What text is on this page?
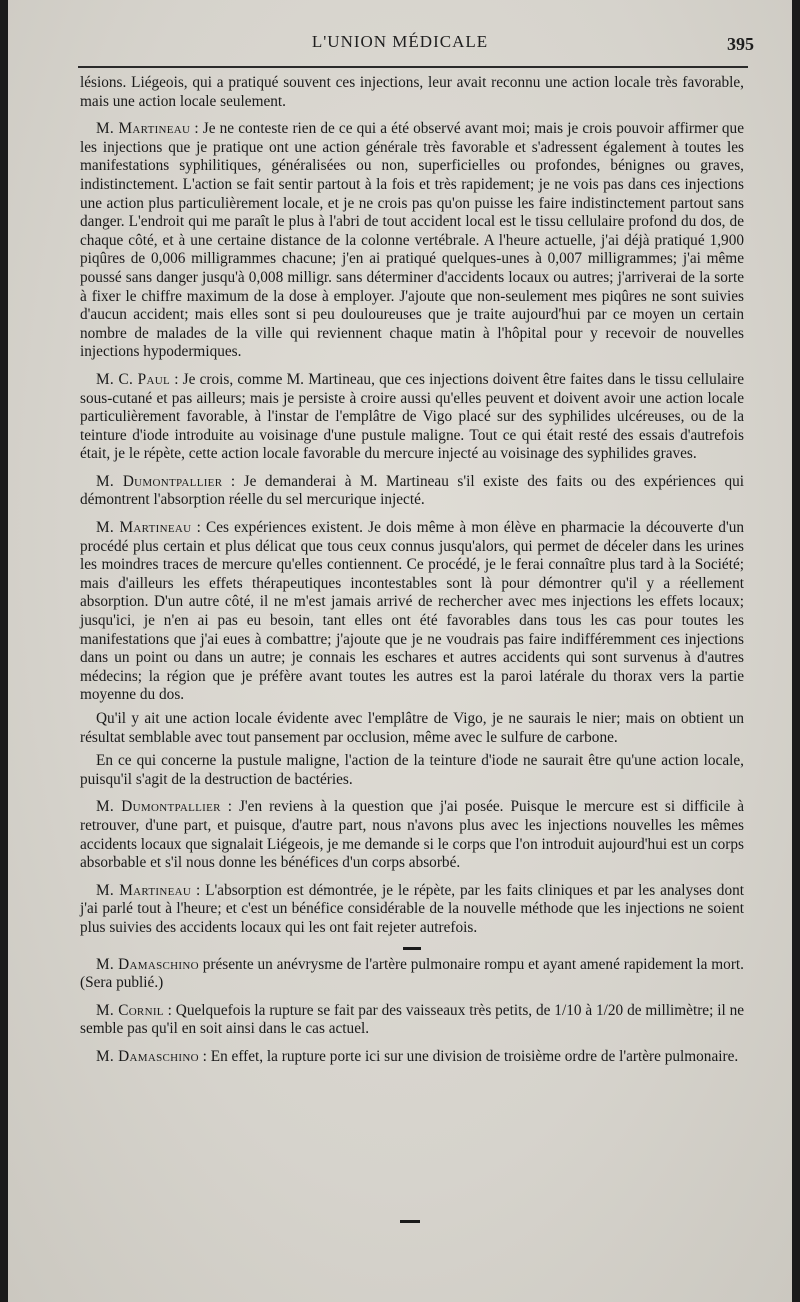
L'UNION MÉDICALE	395

lésions. Liégeois, qui a pratiqué souvent ces injections, leur avait reconnu une action locale très favorable, mais une action locale seulement.

M. Martineau : Je ne conteste rien de ce qui a été observé avant moi; mais je crois pouvoir affirmer que les injections que je pratique ont une action générale très favorable et s'adressent également à toutes les manifestations syphilitiques, généralisées ou non, superficielles ou profondes, bénignes ou graves, indistinctement. L'action se fait sentir partout à la fois et très rapidement; je ne vois pas dans ces injections une action plus particulièrement locale, et je ne crois pas qu'on puisse les faire indistinctement partout sans danger. L'endroit qui me paraît le plus à l'abri de tout accident local est le tissu cellulaire profond du dos, de chaque côté, et à une certaine distance de la colonne vertébrale. A l'heure actuelle, j'ai déjà pratiqué 1,900 piqûres de 0,006 milligrammes chacune; j'en ai pratiqué quelques-unes à 0,007 milligrammes; j'ai même poussé sans danger jusqu'à 0,008 milligr. sans déterminer d'accidents locaux ou autres; j'arriverai de la sorte à fixer le chiffre maximum de la dose à employer. J'ajoute que non-seulement mes piqûres ne sont suivies d'aucun accident; mais elles sont si peu douloureuses que je traite aujourd'hui par ce moyen un certain nombre de malades de la ville qui reviennent chaque matin à l'hôpital pour y recevoir de nouvelles injections hypodermiques.

M. C. Paul : Je crois, comme M. Martineau, que ces injections doivent être faites dans le tissu cellulaire sous-cutané et pas ailleurs; mais je persiste à croire aussi qu'elles peuvent et doivent avoir une action locale particulièrement favorable, à l'instar de l'emplâtre de Vigo placé sur des syphilides ulcéreuses, ou de la teinture d'iode introduite au voisinage d'une pustule maligne. Tout ce qui était resté des essais d'autrefois était, je le répète, cette action locale favorable du mercure injecté au voisinage des syphilides graves.

M. Dumontpallier : Je demanderai à M. Martineau s'il existe des faits ou des expériences qui démontrent l'absorption réelle du sel mercurique injecté.

M. Martineau : Ces expériences existent. Je dois même à mon élève en pharmacie la découverte d'un procédé plus certain et plus délicat que tous ceux connus jusqu'alors, qui permet de déceler dans les urines les moindres traces de mercure qu'elles contiennent. Ce procédé, je le ferai connaître plus tard à la Société; mais d'ailleurs les effets thérapeutiques incontestables sont là pour démontrer qu'il y a réellement absorption. D'un autre côté, il ne m'est jamais arrivé de rechercher avec mes injections les effets locaux; jusqu'ici, je n'en ai pas eu besoin, tant elles ont été favorables dans tous les cas pour toutes les manifestations que j'ai eues à combattre; j'ajoute que je ne voudrais pas faire indifféremment ces injections dans un point ou dans un autre; je connais les eschares et autres accidents qui sont survenus à d'autres médecins; la région que je préfère avant toutes les autres est la paroi latérale du thorax vers la partie moyenne du dos.

Qu'il y ait une action locale évidente avec l'emplâtre de Vigo, je ne saurais le nier; mais on obtient un résultat semblable avec tout pansement par occlusion, même avec le sulfure de carbone.

En ce qui concerne la pustule maligne, l'action de la teinture d'iode ne saurait être qu'une action locale, puisqu'il s'agit de la destruction de bactéries.

M. Dumontpallier : J'en reviens à la question que j'ai posée. Puisque le mercure est si difficile à retrouver, d'une part, et puisque, d'autre part, nous n'avons plus avec les injections nouvelles les mêmes accidents locaux que signalait Liégeois, je me demande si le corps que l'on introduit aujourd'hui est un corps absorbable et s'il nous donne les bénéfices d'un corps absorbé.

M. Martineau : L'absorption est démontrée, je le répète, par les faits cliniques et par les analyses dont j'ai parlé tout à l'heure; et c'est un bénéfice considérable de la nouvelle méthode que les injections ne soient plus suivies des accidents locaux qui les ont fait rejeter autrefois.

M. Damaschino présente un anévrysme de l'artère pulmonaire rompu et ayant amené rapidement la mort. (Sera publié.)

M. Cornil : Quelquefois la rupture se fait par des vaisseaux très petits, de 1/10 à 1/20 de millimètre; il ne semble pas qu'il en soit ainsi dans le cas actuel.

M. Damaschino : En effet, la rupture porte ici sur une division de troisième ordre de l'artère pulmonaire.
